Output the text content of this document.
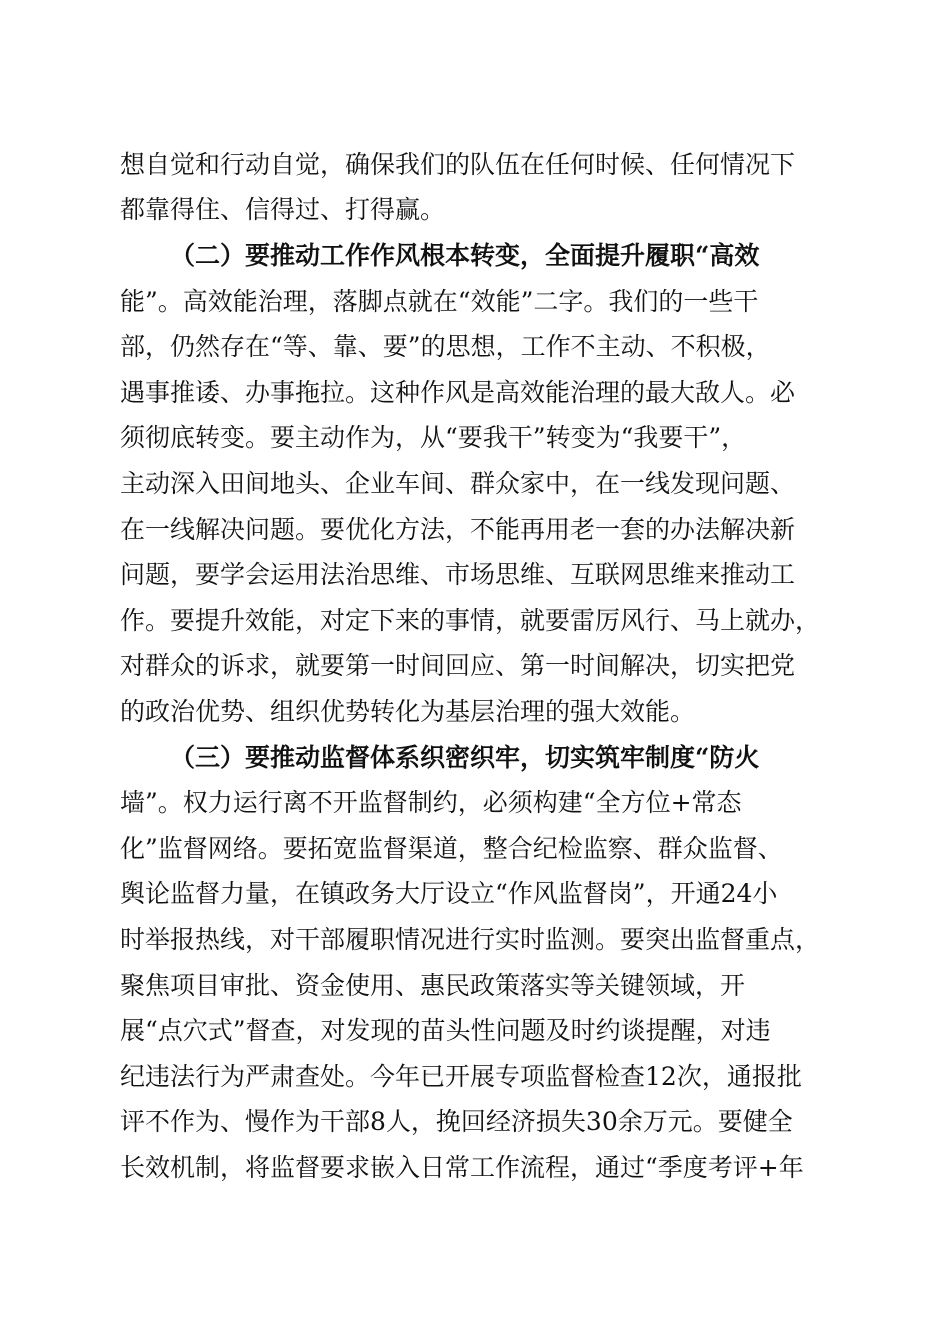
想自觉和行动自觉，确保我们的队伍在任何时候、任何情况下
都靠得住、信得过、打得赢。
（二）要推动工作作风根本转变，全面提升履职“高效
能”。高效能治理，落脚点就在“效能”二字。我们的一些干
部，仍然存在“等、靠、要”的思想，工作不主动、不积极，
遇事推诿、办事拖拉。这种作风是高效能治理的最大敌人。必
须彻底转变。要主动作为，从“要我干”转变为“我要干”，
主动深入田间地头、企业车间、群众家中，在一线发现问题、
在一线解决问题。要优化方法，不能再用老一套的办法解决新
问题，要学会运用法治思维、市场思维、互联网思维来推动工
作。要提升效能，对定下来的事情，就要雷厉风行、马上就办，
对群众的诉求，就要第一时间回应、第一时间解决，切实把党
的政治优势、组织优势转化为基层治理的强大效能。
（三）要推动监督体系织密织牢，切实筑牢制度“防火
墙”。权力运行离不开监督制约，必须构建“全方位+常态
化”监督网络。要拓宽监督渠道，整合纪检监察、群众监督、
舆论监督力量，在镇政务大厅设立“作风监督岗”，开通24小
时举报热线，对干部履职情况进行实时监测。要突出监督重点，
聚焦项目审批、资金使用、惠民政策落实等关键领域，开
展“点穴式”督查，对发现的苗头性问题及时约谈提醒，对违
纪违法行为严肃查处。今年已开展专项监督检查12次，通报批
评不作为、慢作为干部8人，挽回经济损失30余万元。要健全
长效机制，将监督要求嵌入日常工作流程，通过“季度考评+年
